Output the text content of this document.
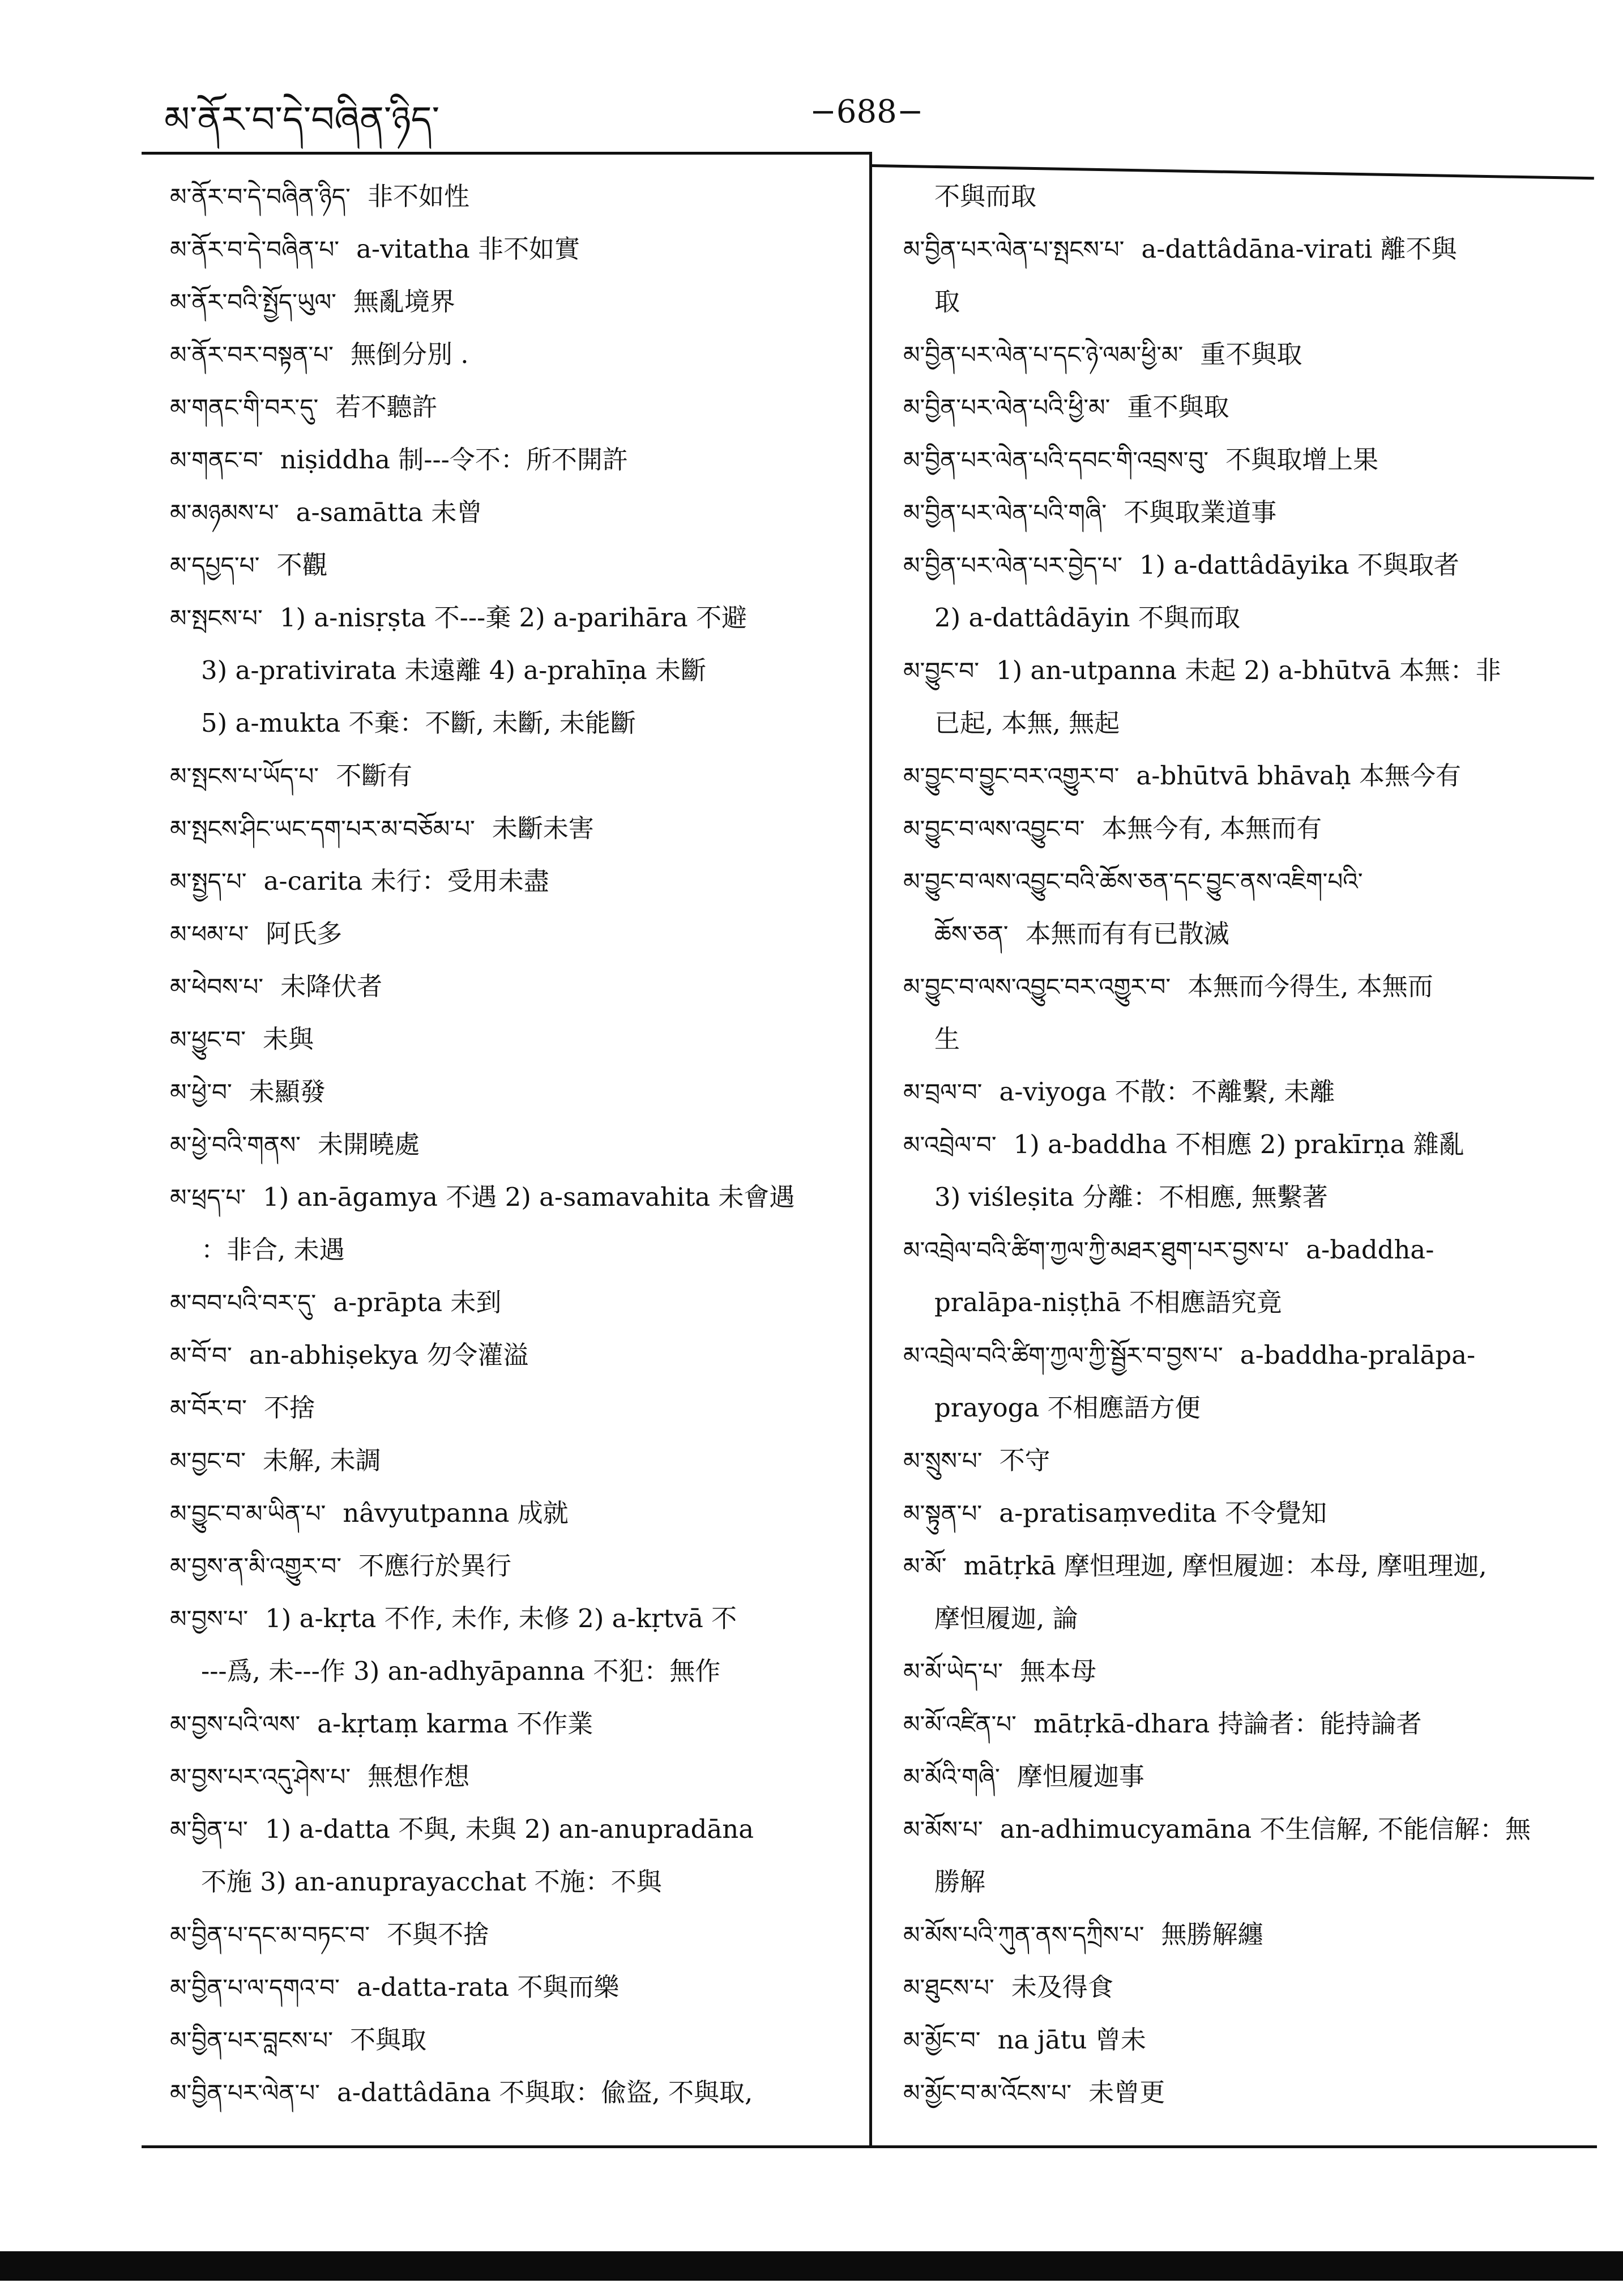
མ་ནོར་བ་དེ་བཞིན་ཉིད་	−688−
མ་ནོར་བ་དེ་བཞིན་ཉིད་ 非不如性
མ་ནོར་བ་དེ་བཞིན་པ་ a-vitatha 非不如實
མ་ནོར་བའི་སྤྱོད་ཡུལ་ 無亂境界
མ་ནོར་བར་བསྟན་པ་ 無倒分別 .
མ་གནང་གི་བར་དུ་ 若不聽許
མ་གནང་བ་ niṣiddha 制---令不：所不開許
མ་མཉམས་པ་ a-samātta 未曾
མ་དཔྱད་པ་ 不觀
མ་སྤངས་པ་ 1) a-nisṛṣta 不---棄 2) a-parihāra 不避
3) a-prativirata 未遠離 4) a-prahīṇa 未斷
5) a-mukta 不棄：不斷, 未斷, 未能斷
མ་སྤངས་པ་ཡོད་པ་ 不斷有
མ་སྤངས་ཤིང་ཡང་དག་པར་མ་བཅོམ་པ་ 未斷未害
མ་སྤྱད་པ་ a-carita 未行：受用未盡
མ་ཕམ་པ་ 阿氏多
མ་ཕེབས་པ་ 未降伏者
མ་ཕྱུང་བ་ 未與
མ་ཕྱེ་བ་ 未顯發
མ་ཕྱེ་བའི་གནས་ 未開曉處
མ་ཕྲད་པ་ 1) an-āgamya 不遇 2) a-samavahita 未會遇
：非合, 未遇
མ་བབ་པའི་བར་དུ་ a-prāpta 未到
མ་བོ་བ་ an-abhiṣekya 勿令灌溢
མ་བོར་བ་ 不捨
མ་བྱང་བ་ 未解, 未調
མ་བྱུང་བ་མ་ཡིན་པ་ nâvyutpanna 成就
མ་བྱས་ན་མི་འགྱུར་བ་ 不應行於異行
མ་བྱས་པ་ 1) a-kṛta 不作, 未作, 未修 2) a-kṛtvā 不
---爲, 未---作 3) an-adhyāpanna 不犯：無作
མ་བྱས་པའི་ལས་ a-kṛtaṃ karma 不作業
མ་བྱས་པར་འདུ་ཤེས་པ་ 無想作想
མ་བྱིན་པ་ 1) a-datta 不與, 未與 2) an-anupradāna
不施 3) an-anuprayacchat 不施：不與
མ་བྱིན་པ་དང་མ་བཏང་བ་ 不與不捨
མ་བྱིན་པ་ལ་དགའ་བ་ a-datta-rata 不與而樂
མ་བྱིན་པར་བླངས་པ་ 不與取
མ་བྱིན་པར་ལེན་པ་ a-dattâdāna 不與取：偸盜, 不與取,
不與而取
མ་བྱིན་པར་ལེན་པ་སྤངས་པ་ a-dattâdāna-virati 離不與
取
མ་བྱིན་པར་ལེན་པ་དང་ཉེ་ལམ་ཕྱི་མ་ 重不與取
མ་བྱིན་པར་ལེན་པའི་ཕྱི་མ་ 重不與取
མ་བྱིན་པར་ལེན་པའི་དབང་གི་འབྲས་བུ་ 不與取增上果
མ་བྱིན་པར་ལེན་པའི་གཞི་ 不與取業道事
མ་བྱིན་པར་ལེན་པར་བྱེད་པ་ 1) a-dattâdāyika 不與取者
2) a-dattâdāyin 不與而取
མ་བྱུང་བ་ 1) an-utpanna 未起 2) a-bhūtvā 本無：非
已起, 本無, 無起
མ་བྱུང་བ་བྱུང་བར་འགྱུར་བ་ a-bhūtvā bhāvaḥ 本無今有
མ་བྱུང་བ་ལས་འབྱུང་བ་ 本無今有, 本無而有
མ་བྱུང་བ་ལས་འབྱུང་བའི་ཆོས་ཅན་དང་བྱུང་ནས་འཇིག་པའི་
ཆོས་ཅན་ 本無而有有已散滅
མ་བྱུང་བ་ལས་འབྱུང་བར་འགྱུར་བ་ 本無而今得生, 本無而
生
མ་བྲལ་བ་ a-viyoga 不散：不離繫, 未離
མ་འབྲེལ་བ་ 1) a-baddha 不相應 2) prakīrṇa 雜亂
3) viśleṣita 分離：不相應, 無繫著
མ་འབྲེལ་བའི་ཚིག་ཀྱལ་ཀྱི་མཐར་ཐུག་པར་བྱས་པ་ a-baddha-
pralāpa-niṣṭhā 不相應語究竟
མ་འབྲེལ་བའི་ཚིག་ཀྱལ་ཀྱི་སྦྱོར་བ་བྱས་པ་ a-baddha-pralāpa-
prayoga 不相應語方便
མ་སྲུས་པ་ 不守
མ་སྟུན་པ་ a-pratisaṃvedita 不令覺知
མ་མོ་ mātṛkā 摩怛理迦, 摩怛履迦：本母, 摩咀理迦,
摩怛履迦, 論
མ་མོ་ཡེད་པ་ 無本母
མ་མོ་འཛིན་པ་ mātṛkā-dhara 持論者：能持論者
མ་མོའི་གཞི་ 摩怛履迦事
མ་མོས་པ་ an-adhimucyamāna 不生信解, 不能信解：無
勝解
མ་མོས་པའི་ཀུན་ནས་དཀྲིས་པ་ 無勝解纏
མ་ཐུངས་པ་ 未及得食
མ་མྱོང་བ་ na jātu 曾未
མ་མྱོང་བ་མ་འོངས་པ་ 未曾更
